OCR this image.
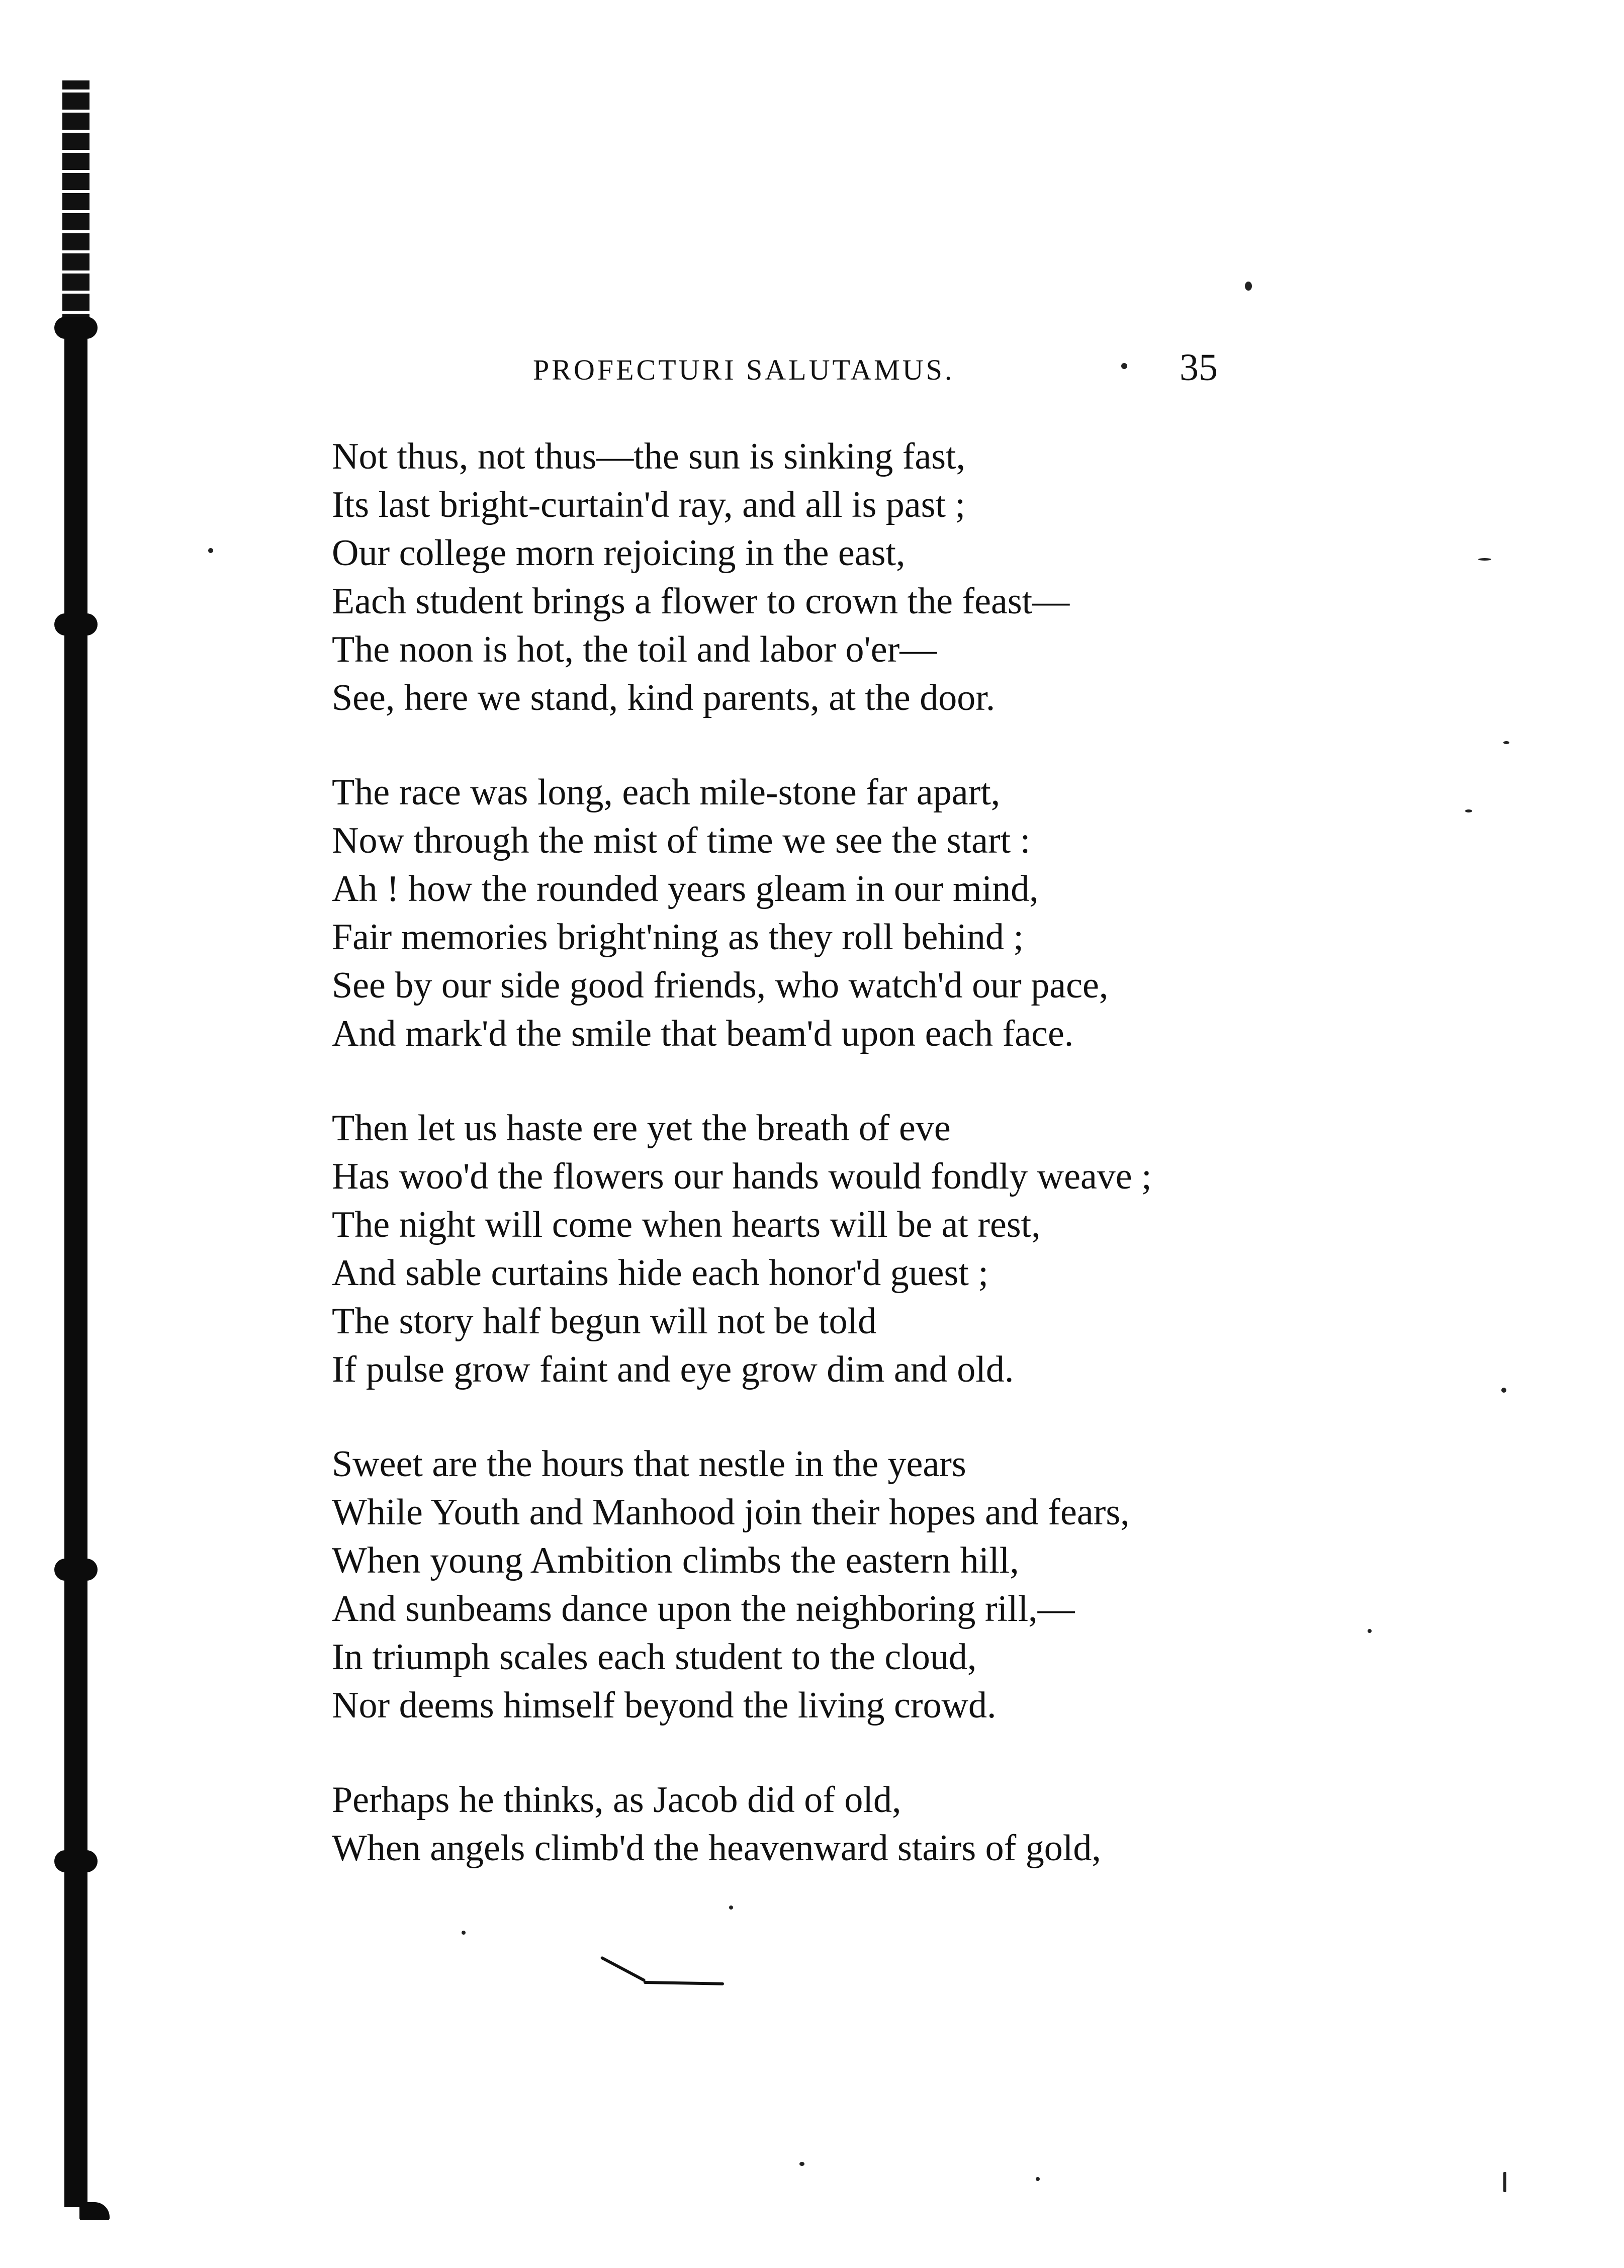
PROFECTURI SALUTAMUS.	35
Not thus, not thus—the sun is sinking fast,
Its last bright-curtain'd ray, and all is past ;
Our college morn rejoicing in the east,
Each student brings a flower to crown the feast—
The noon is hot, the toil and labor o'er—
See, here we stand, kind parents, at the door.
The race was long, each mile-stone far apart,
Now through the mist of time we see the start :
Ah ! how the rounded years gleam in our mind,
Fair memories bright'ning as they roll behind ;
See by our side good friends, who watch'd our pace,
And mark'd the smile that beam'd upon each face.
Then let us haste ere yet the breath of eve
Has woo'd the flowers our hands would fondly weave ;
The night will come when hearts will be at rest,
And sable curtains hide each honor'd guest ;
The story half begun will not be told
If pulse grow faint and eye grow dim and old.
Sweet are the hours that nestle in the years
While Youth and Manhood join their hopes and fears,
When young Ambition climbs the eastern hill,
And sunbeams dance upon the neighboring rill,—
In triumph scales each student to the cloud,
Nor deems himself beyond the living crowd.
Perhaps he thinks, as Jacob did of old,
When angels climb'd the heavenward stairs of gold,
